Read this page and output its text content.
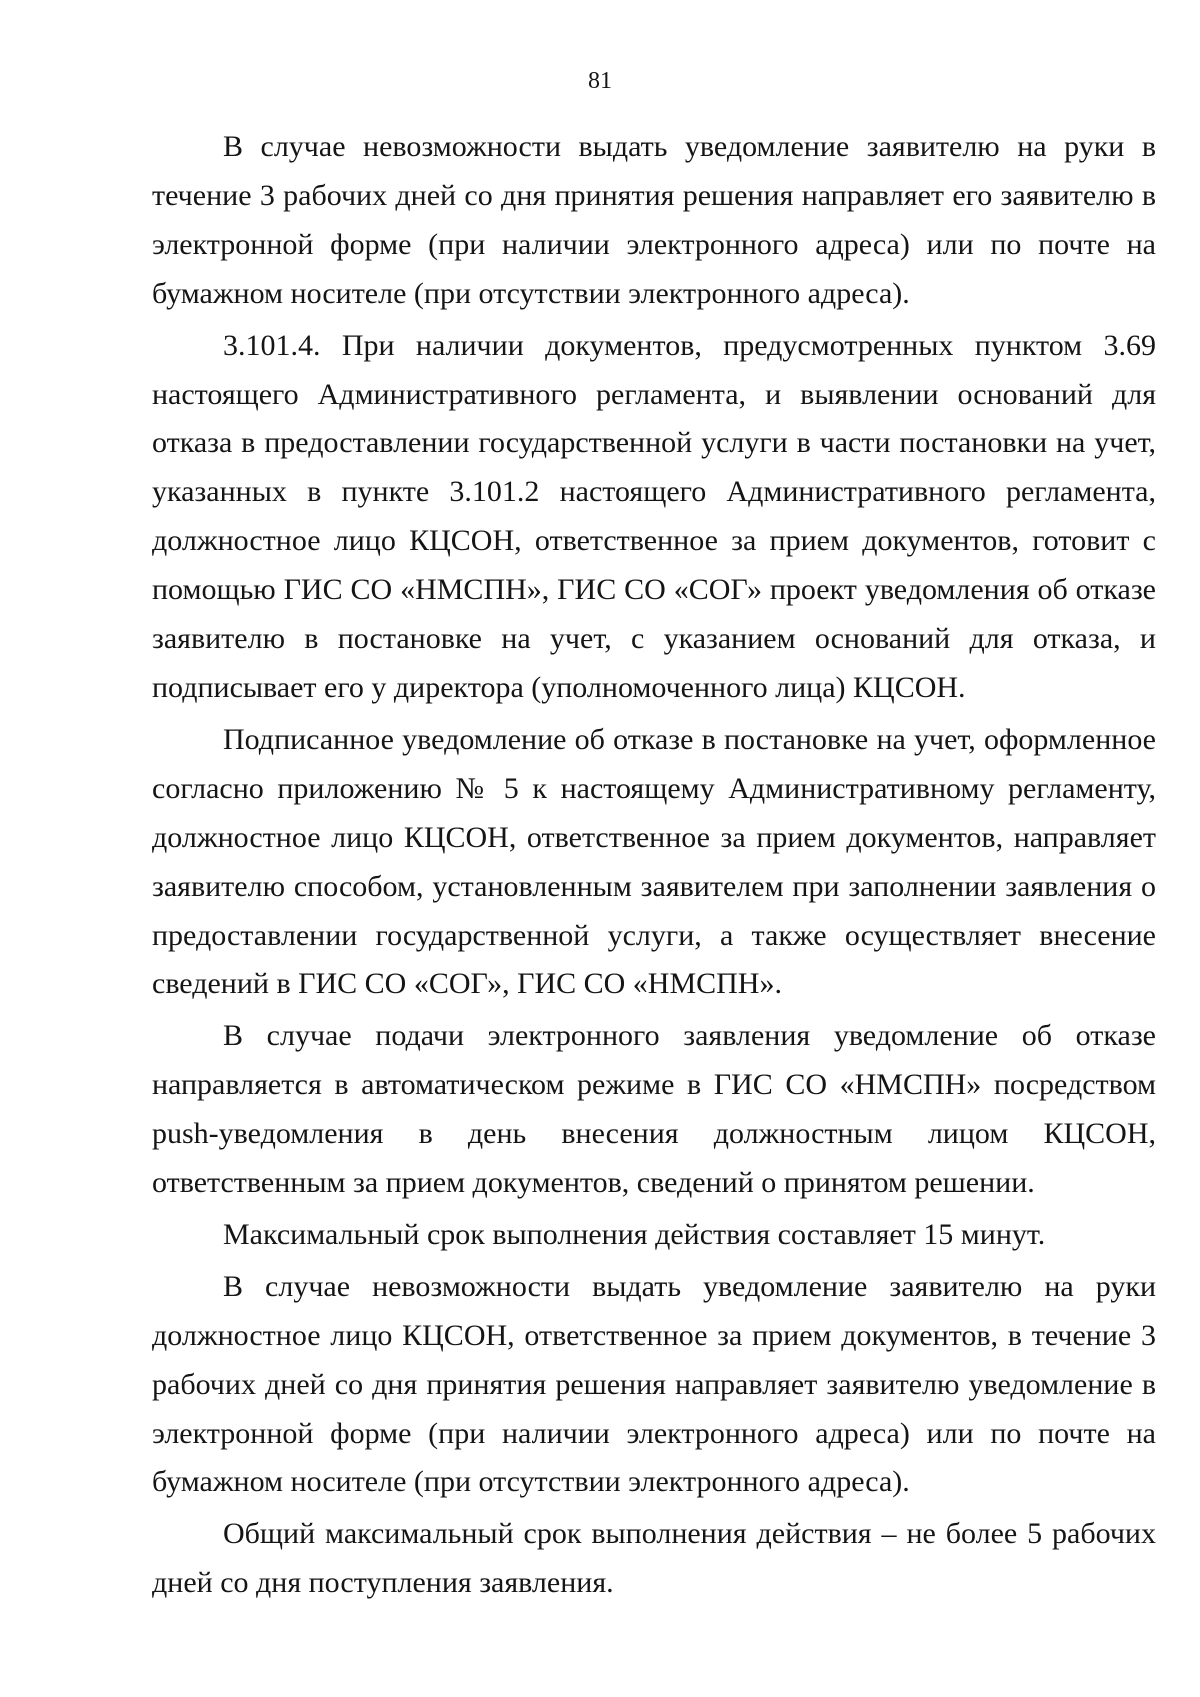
81

В случае невозможности выдать уведомление заявителю на руки в течение 3 рабочих дней со дня принятия решения направляет его заявителю в электронной форме (при наличии электронного адреса) или по почте на бумажном носителе (при отсутствии электронного адреса).

3.101.4. При наличии документов, предусмотренных пунктом 3.69 настоящего Административного регламента, и выявлении оснований для отказа в предоставлении государственной услуги в части постановки на учет, указанных в пункте 3.101.2 настоящего Административного регламента, должностное лицо КЦСОН, ответственное за прием документов, готовит с помощью ГИС СО «НМСПН», ГИС СО «СОГ» проект уведомления об отказе заявителю в постановке на учет, с указанием оснований для отказа, и подписывает его у директора (уполномоченного лица) КЦСОН.

Подписанное уведомление об отказе в постановке на учет, оформленное согласно приложению № 5 к настоящему Административному регламенту, должностное лицо КЦСОН, ответственное за прием документов, направляет заявителю способом, установленным заявителем при заполнении заявления о предоставлении государственной услуги, а также осуществляет внесение сведений в ГИС СО «СОГ», ГИС СО «НМСПН».

В случае подачи электронного заявления уведомление об отказе направляется в автоматическом режиме в ГИС СО «НМСПН» посредством push-уведомления в день внесения должностным лицом КЦСОН, ответственным за прием документов, сведений о принятом решении.

Максимальный срок выполнения действия составляет 15 минут.

В случае невозможности выдать уведомление заявителю на руки должностное лицо КЦСОН, ответственное за прием документов, в течение 3 рабочих дней со дня принятия решения направляет заявителю уведомление в электронной форме (при наличии электронного адреса) или по почте на бумажном носителе (при отсутствии электронного адреса).

Общий максимальный срок выполнения действия – не более 5 рабочих дней со дня поступления заявления.
